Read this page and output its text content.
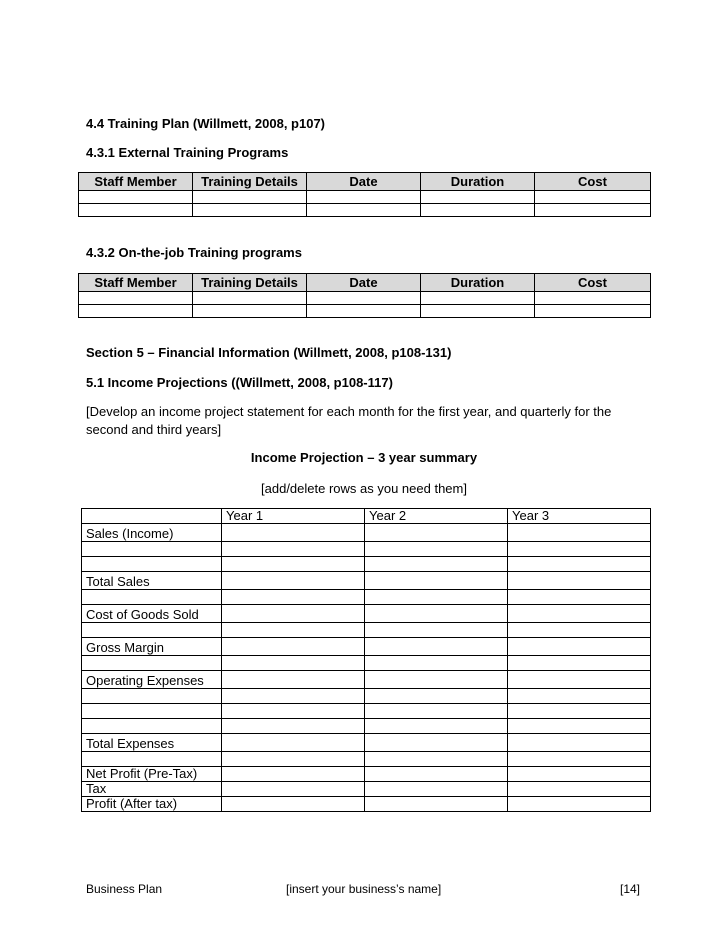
4.4 Training Plan (Willmett, 2008, p107)
4.3.1 External Training Programs
Staff Member	Training Details	Date	Duration	Cost

4.3.2 On-the-job Training programs
Staff Member	Training Details	Date	Duration	Cost

Section 5 – Financial Information (Willmett, 2008, p108-131)
5.1 Income Projections ((Willmett, 2008, p108-117)
[Develop an income project statement for each month for the first year, and quarterly for the second and third years]
Income Projection – 3 year summary
[add/delete rows as you need them]
	Year 1	Year 2	Year 3
Sales (Income)			

Total Sales			

Cost of Goods Sold			

Gross Margin			

Operating Expenses			

Total Expenses			

Net Profit (Pre-Tax)			
Tax			
Profit (After tax)			
Business Plan	[insert your business’s name]	[14]
